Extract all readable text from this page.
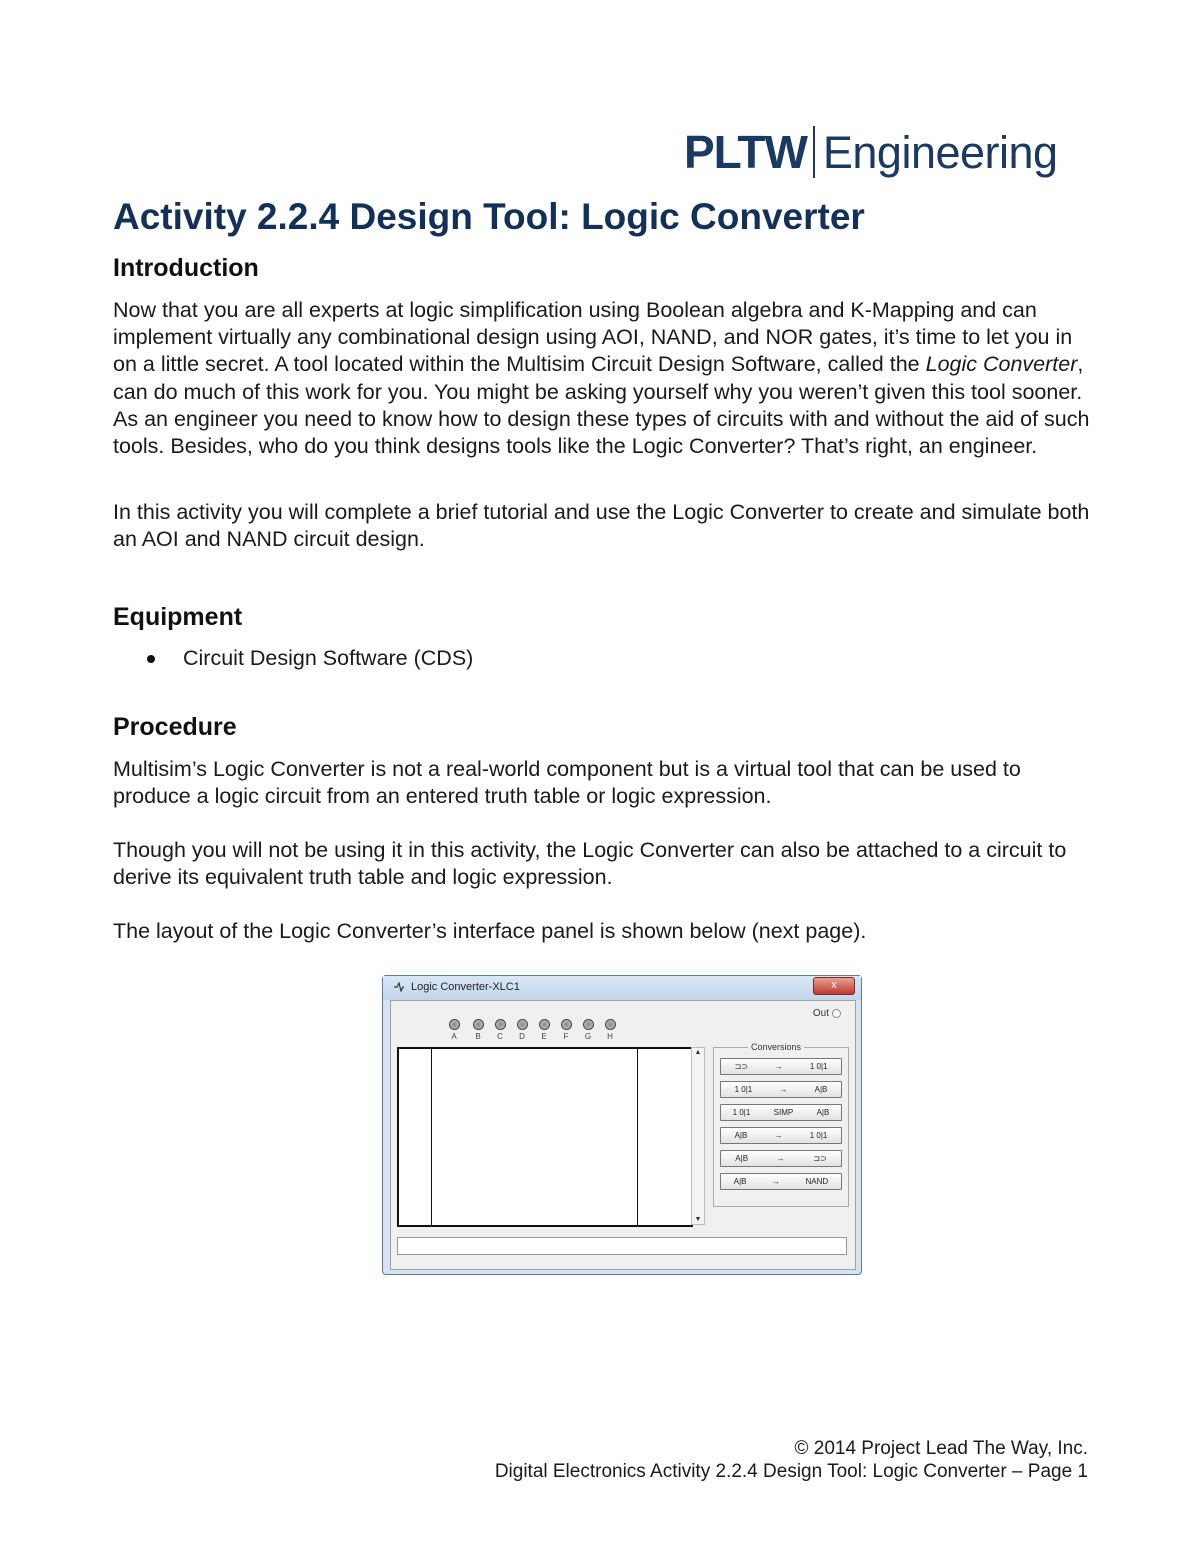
PLTW Engineering
Activity 2.2.4 Design Tool: Logic Converter
Introduction

Now that you are all experts at logic simplification using Boolean algebra and K-Mapping and can implement virtually any combinational design using AOI, NAND, and NOR gates, it’s time to let you in on a little secret. A tool located within the Multisim Circuit Design Software, called the Logic Converter, can do much of this work for you. You might be asking yourself why you weren’t given this tool sooner. As an engineer you need to know how to design these types of circuits with and without the aid of such tools. Besides, who do you think designs tools like the Logic Converter? That’s right, an engineer.

In this activity you will complete a brief tutorial and use the Logic Converter to create and simulate both an AOI and NAND circuit design.

Equipment
Circuit Design Software (CDS)
Procedure

Multisim’s Logic Converter is not a real-world component but is a virtual tool that can be used to produce a logic circuit from an entered truth table or logic expression.

Though you will not be using it in this activity, the Logic Converter can also be attached to a circuit to derive its equivalent truth table and logic expression.

The layout of the Logic Converter’s interface panel is shown below (next page).

Logic Converter-XLC1	x
Out
A B C D E	F	G H
▲
▼
Conversions
⊐⊃	→	1 0|1
1 0|1	→	A|B
1 0|1	SIMP	A|B
A|B	→	1 0|1
A|B	→	⊐⊃
A|B	→	NAND
© 2014 Project Lead The Way, Inc.
Digital Electronics Activity 2.2.4 Design Tool: Logic Converter – Page 1
